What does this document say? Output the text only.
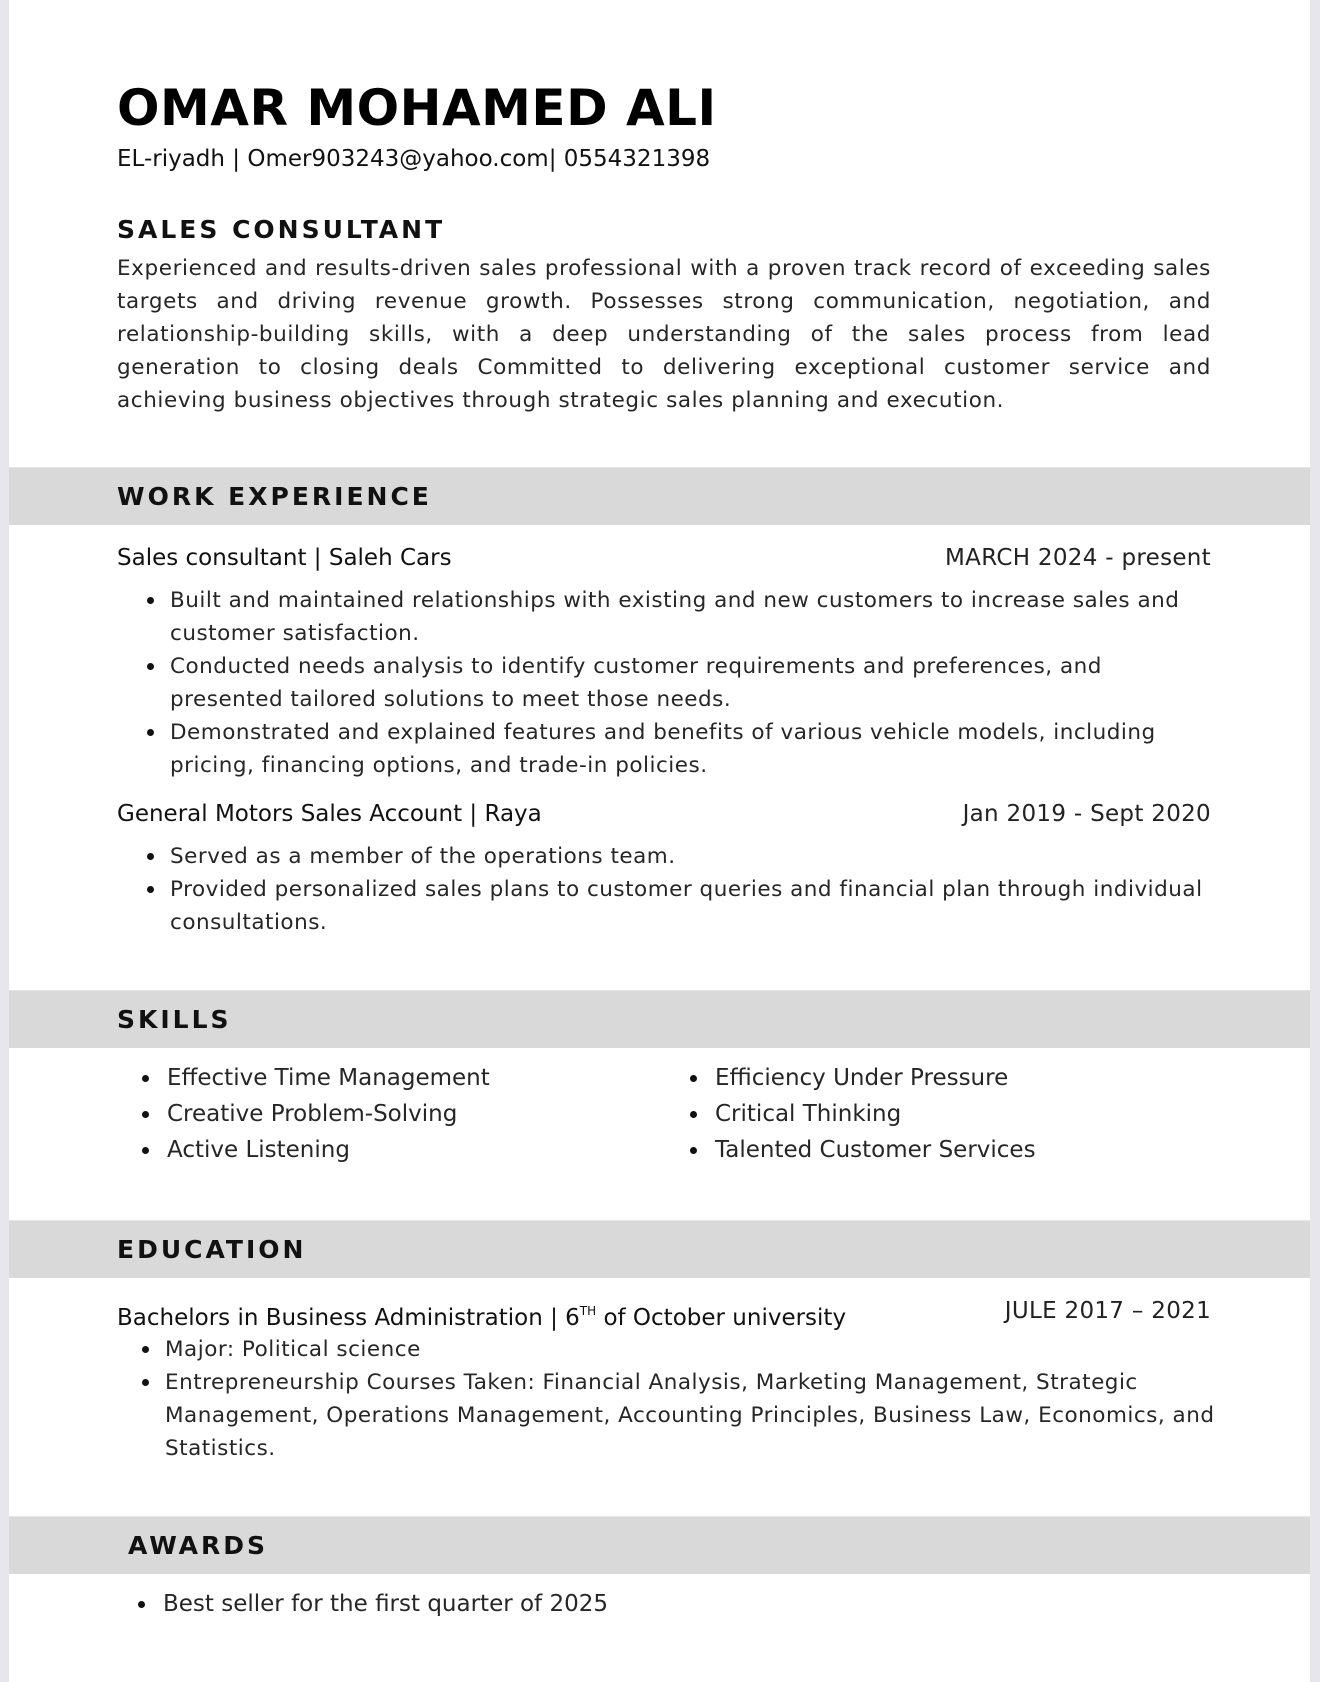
OMAR MOHAMED ALI
EL-riyadh | Omer903243@yahoo.com| 0554321398
SALES CONSULTANT
Experienced and results-driven sales professional with a proven track record of exceeding sales targets and driving revenue growth. Possesses strong communication, negotiation, and relationship-building skills, with a deep understanding of the sales process from lead generation to closing deals Committed to delivering exceptional customer service and achieving business objectives through strategic sales planning and execution.
WORK EXPERIENCE
Sales consultant | Saleh Cars	MARCH 2024 - present
Built and maintained relationships with existing and new customers to increase sales and customer satisfaction.
Conducted needs analysis to identify customer requirements and preferences, and presented tailored solutions to meet those needs.
Demonstrated and explained features and benefits of various vehicle models, including pricing, financing options, and trade-in policies.
General Motors Sales Account | Raya	Jan 2019 - Sept 2020
Served as a member of the operations team.
Provided personalized sales plans to customer queries and financial plan through individual consultations.
SKILLS
Effective Time Management
Creative Problem-Solving
Active Listening
Efficiency Under Pressure
Critical Thinking
Talented Customer Services
EDUCATION
Bachelors in Business Administration | 6TH of October university	JULE 2017 – 2021
Major: Political science
Entrepreneurship Courses Taken: Financial Analysis, Marketing Management, Strategic Management, Operations Management, Accounting Principles, Business Law, Economics, and Statistics.
AWARDS
Best seller for the first quarter of 2025
